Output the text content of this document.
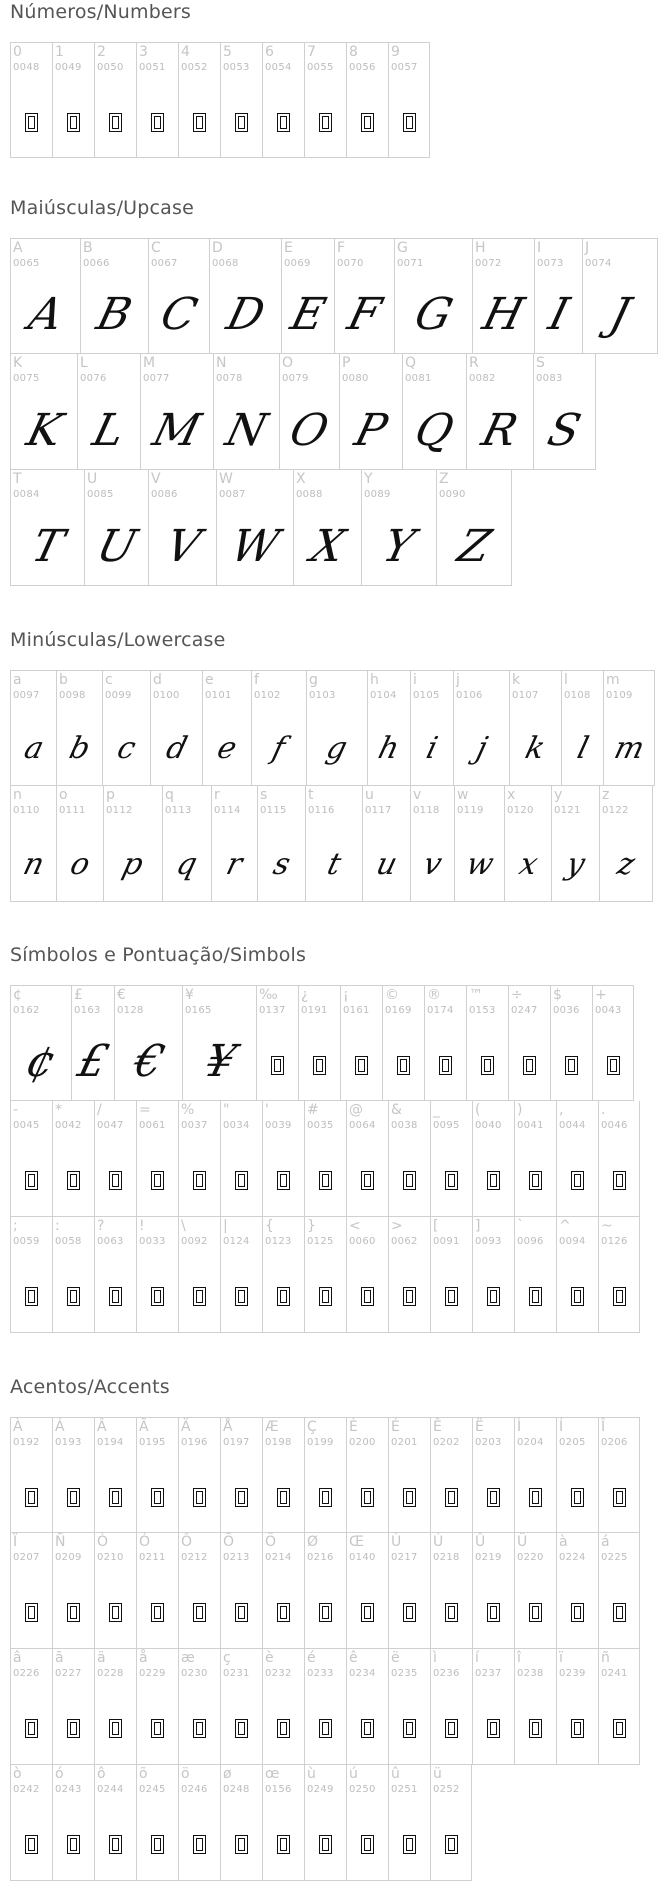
Números/Numbers
0
0048
1
0049
2
0050
3
0051
4
0052
5
0053
6
0054
7
0055
8
0056
9
0057
Maiúsculas/Upcase
A
0065
A
B
0066
B
C
0067
C
D
0068
D
E
0069
E
F
0070
F
G
0071
G
H
0072
H
I
0073
I
J
0074
J
K
0075
K
L
0076
L
M
0077
M
N
0078
N
O
0079
O
P
0080
P
Q
0081
Q
R
0082
R
S
0083
S
T
0084
T
U
0085
U
V
0086
V
W
0087
W
X
0088
X
Y
0089
Y
Z
0090
Z
Minúsculas/Lowercase
a
0097
a
b
0098
b
c
0099
c
d
0100
d
e
0101
e
f
0102
f
g
0103
g
h
0104
h
i
0105
i
j
0106
j
k
0107
k
l
0108
l
m
0109
m
n
0110
n
o
0111
o
p
0112
p
q
0113
q
r
0114
r
s
0115
s
t
0116
t
u
0117
u
v
0118
v
w
0119
w
x
0120
x
y
0121
y
z
0122
z
Símbolos e Pontuação/Simbols
¢
0162
¢
£
0163
£
€
0128
€
¥
0165
¥
‰
0137
¿
0191
¡
0161
©
0169
®
0174
™
0153
÷
0247
$
0036
+
0043
-
0045
*
0042
/
0047
=
0061
%
0037
"
0034
'
0039
#
0035
@
0064
&
0038
_
0095
(
0040
)
0041
,
0044
.
0046
;
0059
:
0058
?
0063
!
0033
\
0092
|
0124
{
0123
}
0125
<
0060
>
0062
[
0091
]
0093
`
0096
^
0094
~
0126
Acentos/Accents
À
0192
Á
0193
Â
0194
Ã
0195
Ä
0196
Å
0197
Æ
0198
Ç
0199
È
0200
É
0201
Ê
0202
Ë
0203
Ì
0204
Í
0205
Î
0206
Ï
0207
Ñ
0209
Ò
0210
Ó
0211
Ô
0212
Õ
0213
Ö
0214
Ø
0216
Œ
0140
Ù
0217
Ú
0218
Û
0219
Ü
0220
à
0224
á
0225
â
0226
ã
0227
ä
0228
å
0229
æ
0230
ç
0231
è
0232
é
0233
ê
0234
ë
0235
ì
0236
í
0237
î
0238
ï
0239
ñ
0241
ò
0242
ó
0243
ô
0244
õ
0245
ö
0246
ø
0248
œ
0156
ù
0249
ú
0250
û
0251
ü
0252
